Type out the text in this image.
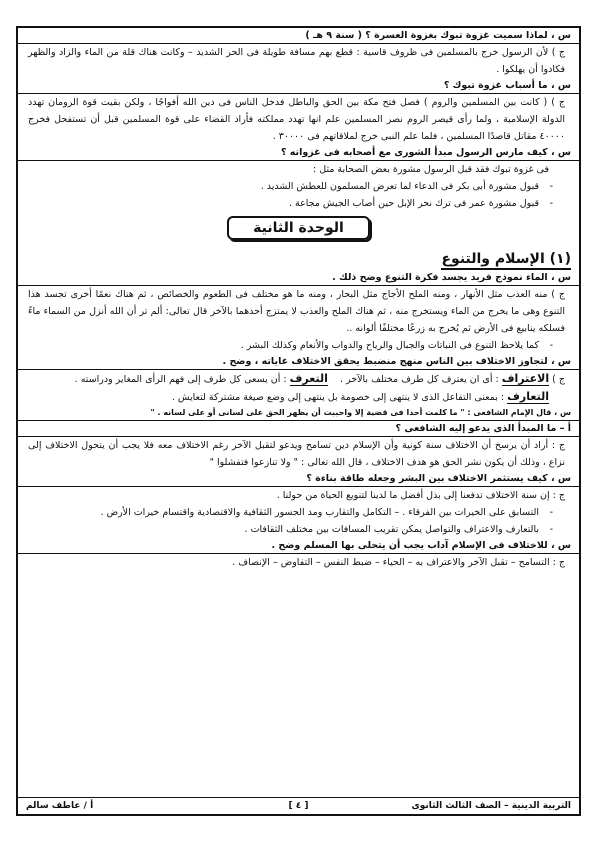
س ، لماذا سميت غزوة تبوك بغزوة العسرة ؟ ( سنة ٩ هـ )
ج ) لأن الرسول خرج بالمسلمين فى ظروف قاسية : قطع بهم مسافة طويلة فى الحر الشديد – وكانت هناك قلة من الماء والزاد والظهر فكادوا أن يهلكوا .
س ، ما أسباب غزوة تبوك ؟
ج ) ( كانت بين المسلمين والروم ) فصل فتح مكة بين الحق والباطل فدخل الناس فى دين الله أفواجًا ، ولكن بقيت قوة الرومان تهدد الدولة الإسلامية ، ولما رأى قيصر الروم نصر المسلمين علم انها تهدد مملكته فأراد القضاء على قوة المسلمين قبل أن تستفحل فخرج ٤٠٠٠٠ مقاتل قاصدًا المسلمين ، فلما علم النبى خرج لملاقاتهم فى ٣٠٠٠٠ .
س ، كيف مارس الرسول مبدأ الشورى مع أصحابه فى غزواته ؟
فى غزوة تبوك فقد قبل الرسول مشورة بعض الصحابة مثل :
- قبول مشورة أبى بكر فى الدعاء لما تعرض المسلمون للعطش الشديد .
- قبول مشورة عمر فى ترك نحر الإبل حين أصاب الجيش مجاعة .
الوحدة الثانية
(١) الإسلام والتنوع
س ، الماء نموذج فريد يجسد فكرة التنوع وضح ذلك .
ج ) منه العذب مثل الأنهار ، ومنه الملح الأجاج مثل البحار ، ومنه ما هو مختلف فى الطعوم والخصائص ، ثم هناك نعمًا أخرى تجسد هذا التنوع وهى ما يخرج من الماء ويستخرج منه ، ثم هناك الملح والعذب لا يمتزج أحدهما بالآخر قال تعالى: ألم تر أن الله أنزل من السماء ماءً فسلكه ينابيع فى الأرض ثم يُخرج به زرعًا مختلفًا ألوانه ..
- كما يلاحظ التنوع فى النباتات والجبال والرياح والدواب والأنعام وكذلك البشر .
س ، لتجاوز الاختلاف بين الناس منهج منضبط يحقق الاختلاف غاياته ، وضح .
ج ) الاعتراف : أى ان يعترف كل طرف مختلف بالآخر .    التعرف : أن يسعى كل طرف إلى فهم الرأى المغاير ودراسته .
التعارف : بمعنى التفاعل الذى لا ينتهى إلى خصومة بل ينتهى إلى وضع صيغة مشتركة لتعايش .
س ، قال الإمام الشافعى : " ما كلمت أحدا فى قضية إلا واحببت أن يظهر الحق على لسانى أو على لسانه . "
أ – ما المبدأ الذى يدعو إليه الشافعى ؟
ج : أراد أن يرسخ أن الاختلاف سنة كونية وأن الإسلام دين تسامح ويدعو لتقبل الآخر رغم الاختلاف معه فلا يجب أن يتحول الاختلاف إلى نزاع ، وذلك أن يكون نشر الحق هو هدف الاختلاف ، قال الله تعالى : " ولا تنازعوا فتفشلوا "
س ، كيف يستثمر الاختلاف بين البشر وجعله طاقة بناءة ؟
ج : إن سنة الاختلاف تدفعنا إلى بذل أفضل ما لدينا لتنويع الحياة من حولنا .
- التسابق على الخيرات بين الفرقاء . – التكامل والتقارب ومد الجسور الثقافية والاقتصادية واقتسام خيرات الأرض .
- بالتعارف والاعتراف والتواصل يمكن تقريب المسافات بين مختلف الثقافات .
س ، للاختلاف فى الإسلام آداب يجب أن يتحلى بها المسلم وضح .
ج : التسامح – تقبل الآخر والاعتراف به – الحياء – ضبط النفس – التفاوض – الإنصاف .
التربية الدينية – الصف الثالث الثانوى
[ ٤ ]
أ / عاطف سالم
